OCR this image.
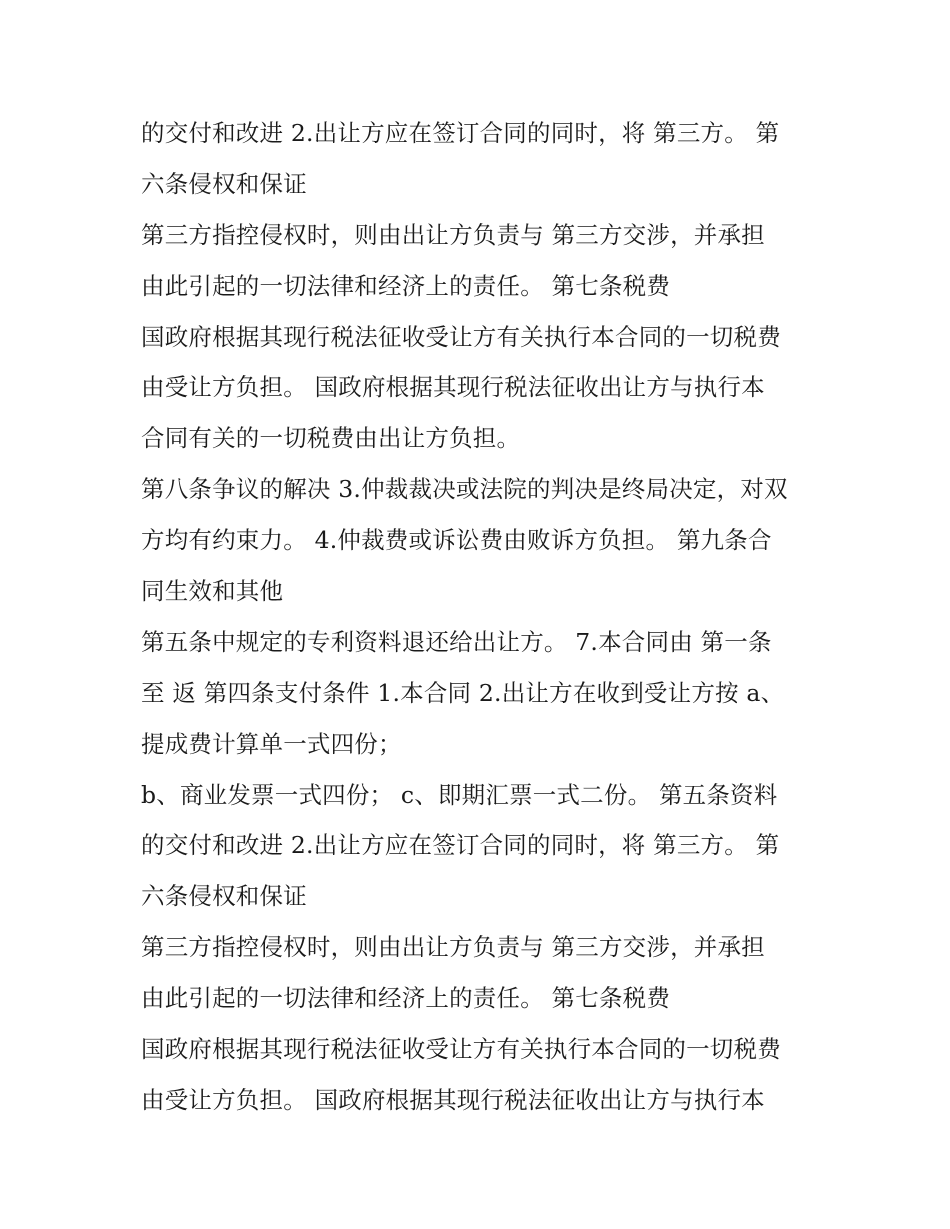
的交付和改进 2.出让方应在签订合同的同时，将 第三方。 第
六条侵权和保证
第三方指控侵权时，则由出让方负责与 第三方交涉，并承担
由此引起的一切法律和经济上的责任。 第七条税费
国政府根据其现行税法征收受让方有关执行本合同的一切税费
由受让方负担。 国政府根据其现行税法征收出让方与执行本
合同有关的一切税费由出让方负担。
第八条争议的解决 3.仲裁裁决或法院的判决是终局决定，对双
方均有约束力。 4.仲裁费或诉讼费由败诉方负担。 第九条合
同生效和其他
第五条中规定的专利资料退还给出让方。 7.本合同由 第一条
至 返 第四条支付条件 1.本合同 2.出让方在收到受让方按 a、
提成费计算单一式四份；
b、商业发票一式四份； c、即期汇票一式二份。 第五条资料
的交付和改进 2.出让方应在签订合同的同时，将 第三方。 第
六条侵权和保证
第三方指控侵权时，则由出让方负责与 第三方交涉，并承担
由此引起的一切法律和经济上的责任。 第七条税费
国政府根据其现行税法征收受让方有关执行本合同的一切税费
由受让方负担。 国政府根据其现行税法征收出让方与执行本
